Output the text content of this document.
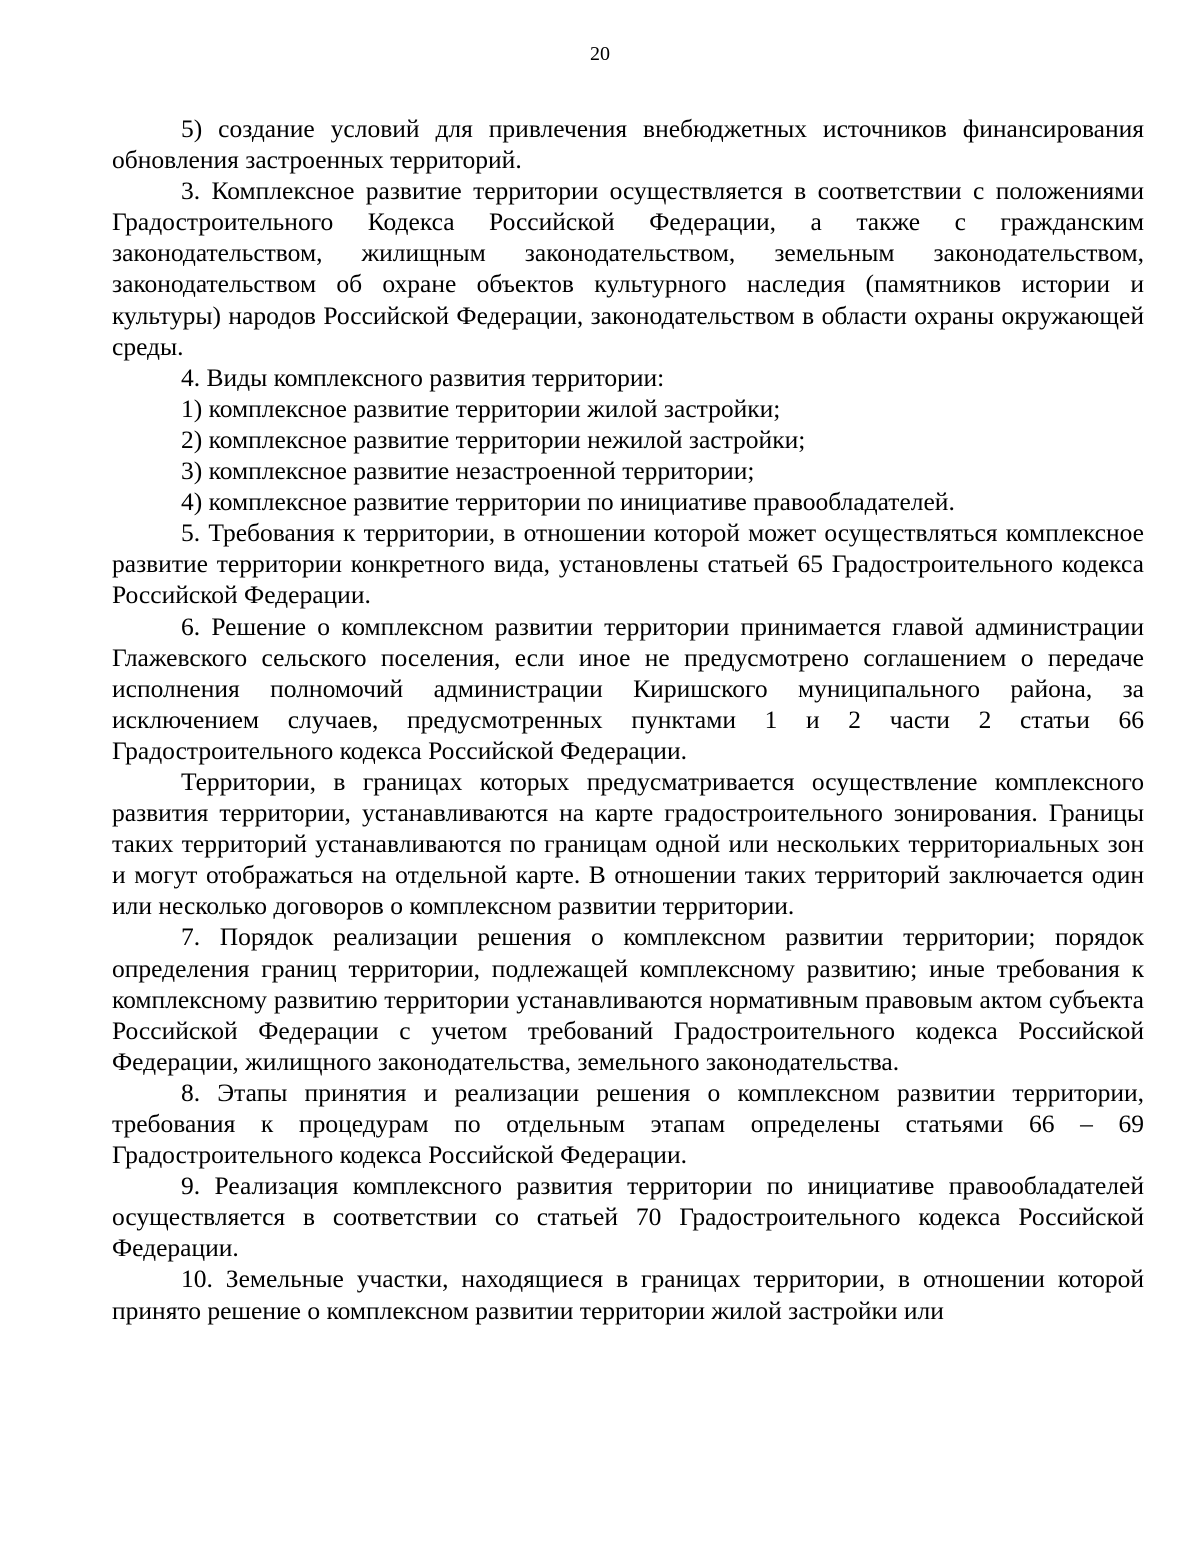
20

5) создание условий для привлечения внебюджетных источников финансирования обновления застроенных территорий.

3. Комплексное развитие территории осуществляется в соответствии с положениями Градостроительного Кодекса Российской Федерации, а также с гражданским законодательством, жилищным законодательством, земельным законодательством, законодательством об охране объектов культурного наследия (памятников истории и культуры) народов Российской Федерации, законодательством в области охраны окружающей среды.

4. Виды комплексного развития территории:

1) комплексное развитие территории жилой застройки;

2) комплексное развитие территории нежилой застройки;

3) комплексное развитие незастроенной территории;

4) комплексное развитие территории по инициативе правообладателей.

5. Требования к территории, в отношении которой может осуществляться комплексное развитие территории конкретного вида, установлены статьей 65 Градостроительного кодекса Российской Федерации.

6. Решение о комплексном развитии территории принимается главой администрации Глажевского сельского поселения, если иное не предусмотрено соглашением о передаче исполнения полномочий администрации Киришского муниципального района, за исключением случаев, предусмотренных пунктами 1 и 2 части 2 статьи 66 Градостроительного кодекса Российской Федерации.

Территории, в границах которых предусматривается осуществление комплексного развития территории, устанавливаются на карте градостроительного зонирования. Границы таких территорий устанавливаются по границам одной или нескольких территориальных зон и могут отображаться на отдельной карте. В отношении таких территорий заключается один или несколько договоров о комплексном развитии территории.

7. Порядок реализации решения о комплексном развитии территории; порядок определения границ территории, подлежащей комплексному развитию; иные требования к комплексному развитию территории устанавливаются нормативным правовым актом субъекта Российской Федерации с учетом требований Градостроительного кодекса Российской Федерации, жилищного законодательства, земельного законодательства.

8. Этапы принятия и реализации решения о комплексном развитии территории, требования к процедурам по отдельным этапам определены статьями 66 – 69 Градостроительного кодекса Российской Федерации.

9. Реализация комплексного развития территории по инициативе правообладателей осуществляется в соответствии со статьей 70 Градостроительного кодекса Российской Федерации.

10. Земельные участки, находящиеся в границах территории, в отношении которой принято решение о комплексном развитии территории жилой застройки или
